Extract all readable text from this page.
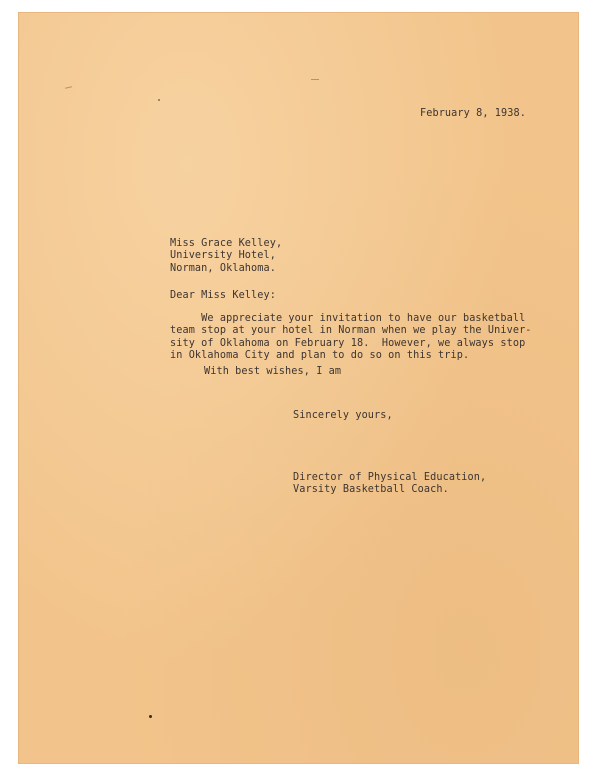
February 8, 1938.
Miss Grace Kelley,
University Hotel,
Norman, Oklahoma.
Dear Miss Kelley:
We appreciate your invitation to have our basketball
team stop at your hotel in Norman when we play the Univer-
sity of Oklahoma on February 18.  However, we always stop
in Oklahoma City and plan to do so on this trip.
With best wishes, I am
Sincerely yours,
Director of Physical Education,
Varsity Basketball Coach.
